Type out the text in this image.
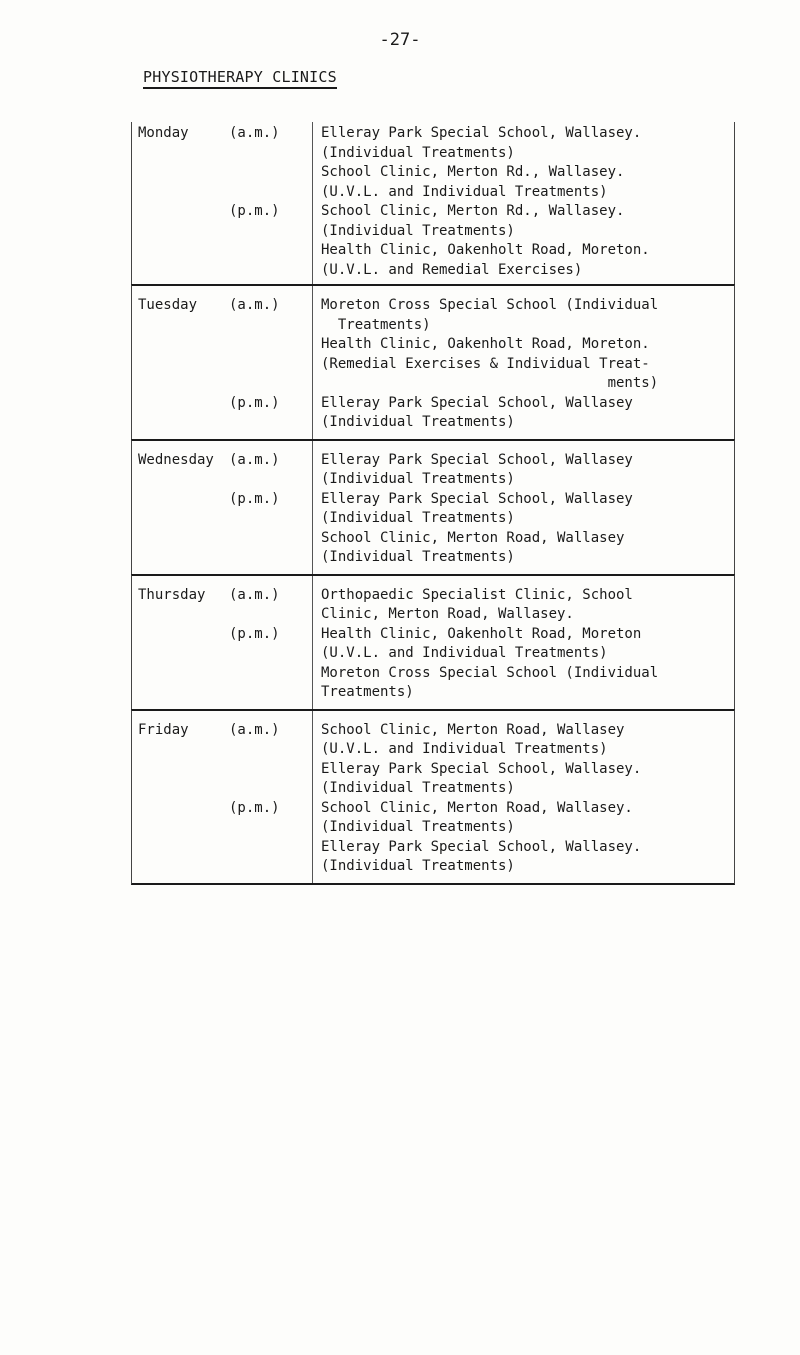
-27-
PHYSIOTHERAPY CLINICS
Monday	(a.m.)
(p.m.)
Elleray Park Special School, Wallasey.
(Individual Treatments)
School Clinic, Merton Rd., Wallasey.
(U.V.L. and Individual Treatments)
School Clinic, Merton Rd., Wallasey.
(Individual Treatments)
Health Clinic, Oakenholt Road, Moreton.
(U.V.L. and Remedial Exercises)
Tuesday (a.m.)
(p.m.)
Moreton Cross Special School (Individual
Treatments)
Health Clinic, Oakenholt Road, Moreton.
(Remedial Exercises & Individual Treat-
ments)
Elleray Park Special School, Wallasey
(Individual Treatments)
Wednesday (a.m.)
(p.m.)
Elleray Park Special School, Wallasey
(Individual Treatments)
Elleray Park Special School, Wallasey
(Individual Treatments)
School Clinic, Merton Road, Wallasey
(Individual Treatments)
Thursday (a.m.)
(p.m.)
Orthopaedic Specialist Clinic, School
Clinic, Merton Road, Wallasey.
Health Clinic, Oakenholt Road, Moreton
(U.V.L. and Individual Treatments)
Moreton Cross Special School (Individual
Treatments)
Friday	(a.m.)
(p.m.)
School Clinic, Merton Road, Wallasey
(U.V.L. and Individual Treatments)
Elleray Park Special School, Wallasey.
(Individual Treatments)
School Clinic, Merton Road, Wallasey.
(Individual Treatments)
Elleray Park Special School, Wallasey.
(Individual Treatments)
